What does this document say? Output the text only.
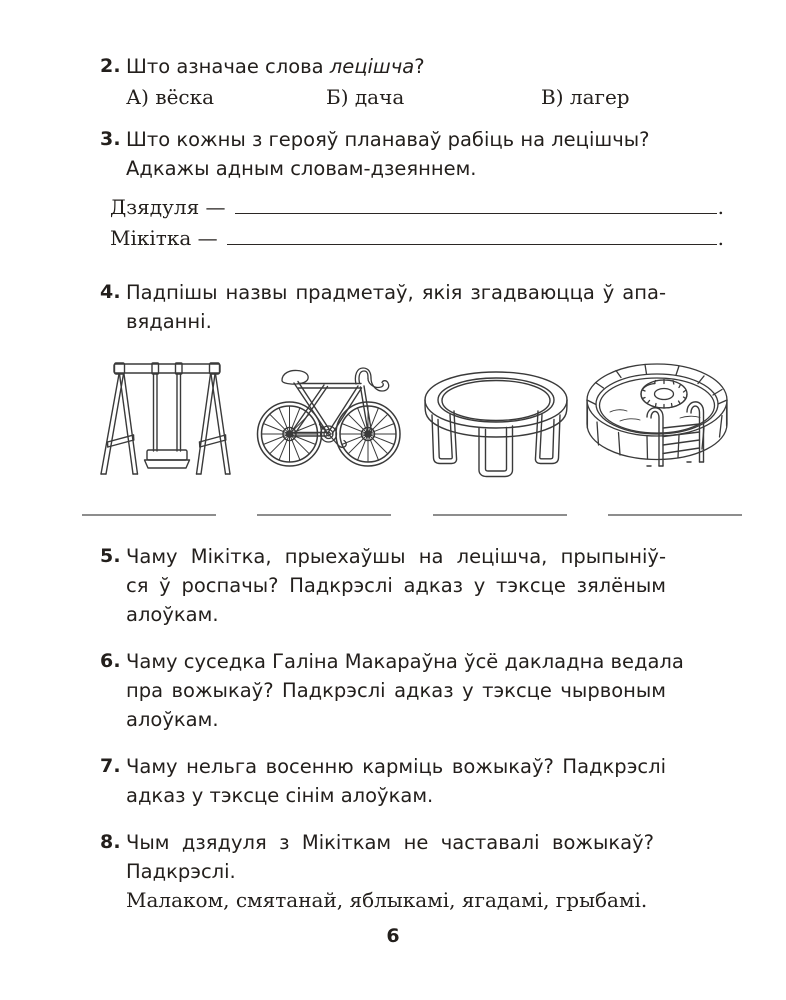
2. Што азначае слова лецішча?
А) вёска	Б) дача	В) лагер
3. Што кожны з герояў планаваў рабіць на лецішчы?
Адкажы адным словам-дзеяннем.
Дзядуля —	.
Мікітка —	.
4. Падпішы назвы прадметаў, якія згадваюцца ў апа-
вяданні.
5. Чаму Мікітка, прыехаўшы на лецішча, прыпыніў-
ся ў роспачы? Падкрэслі адказ у тэксце зялёным
алоўкам.
6. Чаму суседка Галіна Макараўна ўсё дакладна ведала
пра вожыкаў? Падкрэслі адказ у тэксце чырвоным
алоўкам.
7. Чаму нельга восенню карміць вожыкаў? Падкрэслі
адказ у тэксце сінім алоўкам.
8. Чым дзядуля з Мікіткам не частавалі вожыкаў?
Падкрэслі.
Малаком, смятанай, яблыкамі, ягадамі, грыбамі.
6
